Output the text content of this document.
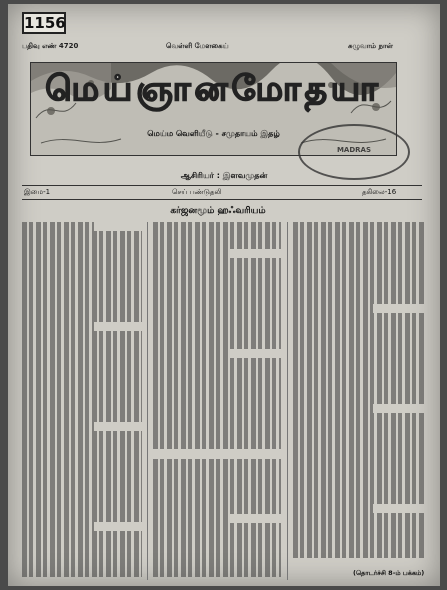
1156
பதிவு எண் 4720	வெள்ளி மேளகைய்	சுழுவாம் நாள்
மெய்ஞானமோதயா
மெய்ம வெளியீடு - சமுதாயம் இதழ்
MADRAS
ஆசிரியர் : இளவமுதன்
இமை-1	செய் பண்டுதலி	தகிலை-16
கர்ஜனமூம் ஹஃவரியம்
(தொடர்ச்சி 8-ம் பக்கம்)
